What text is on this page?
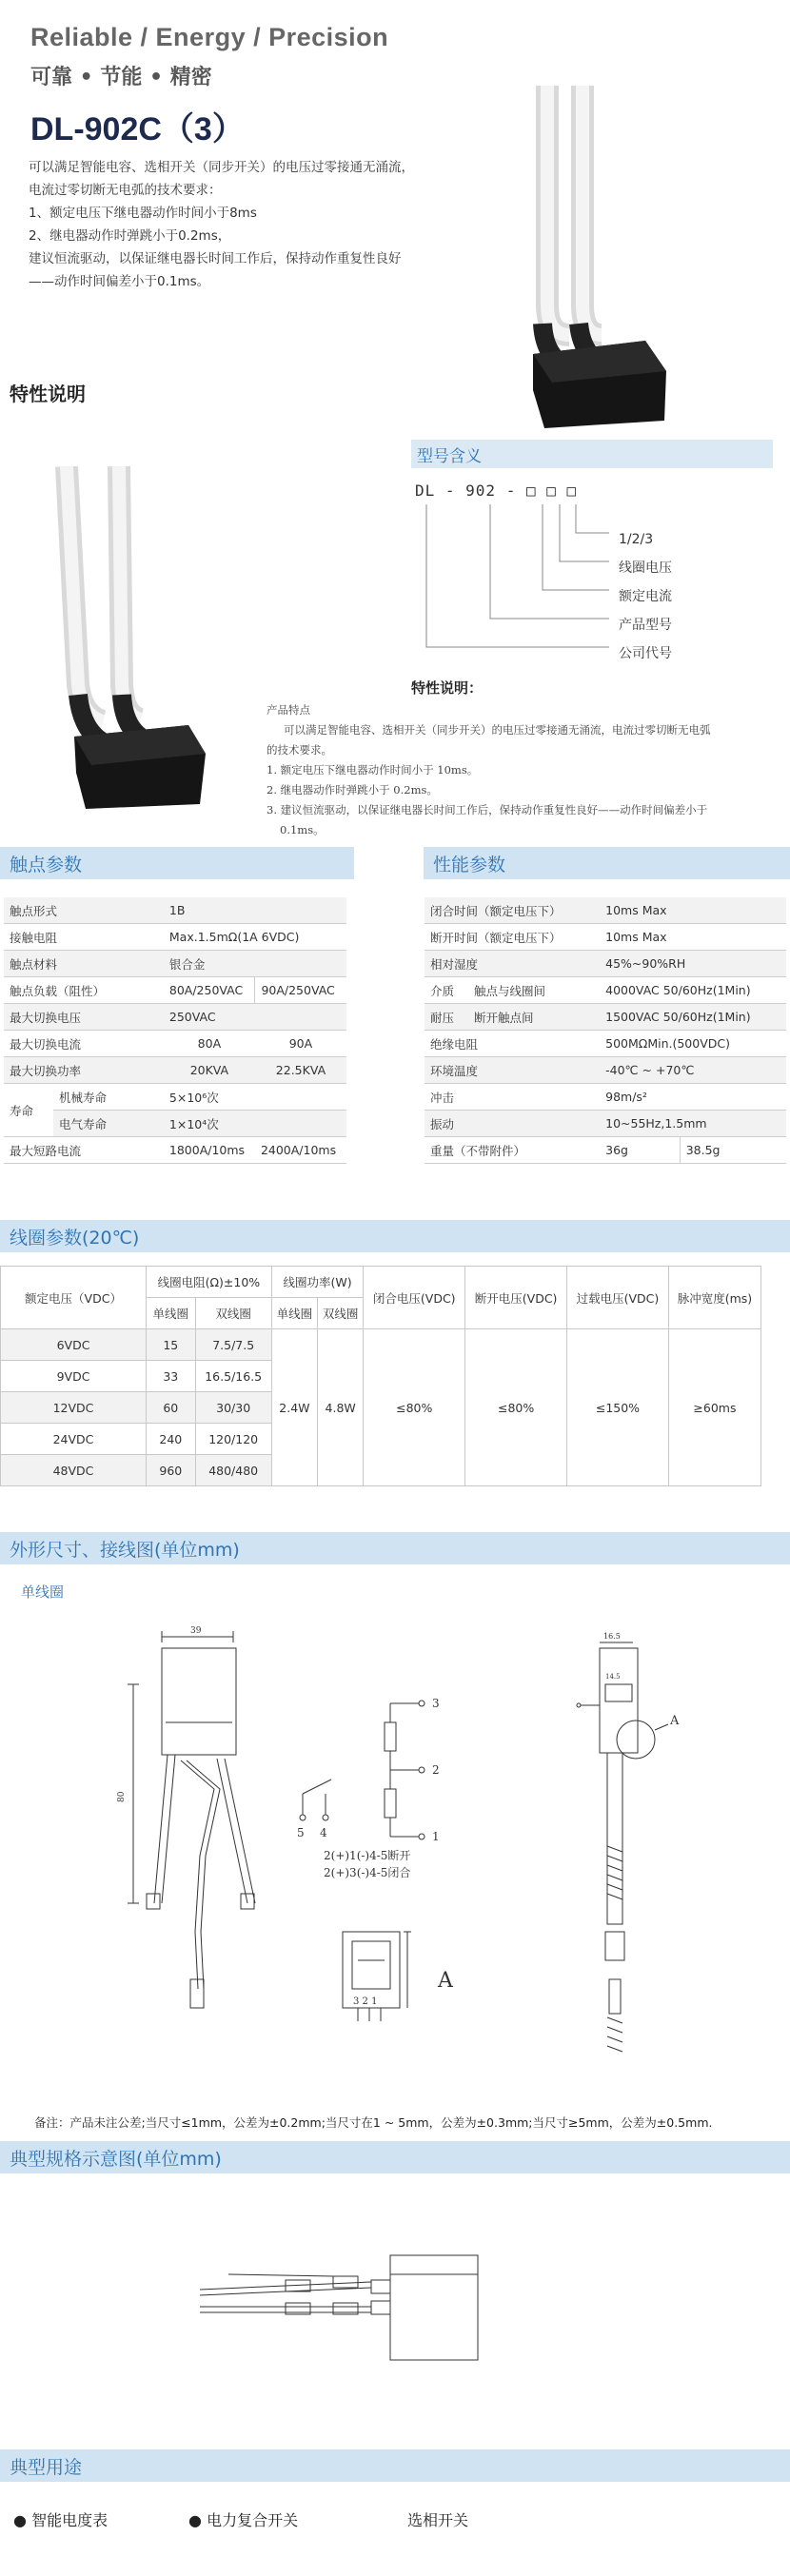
Reliable / Energy / Precision
可靠 • 节能 • 精密
DL-902C（3）
可以满足智能电容、选相开关（同步开关）的电压过零接通无涌流，
电流过零切断无电弧的技术要求：
1、额定电压下继电器动作时间小于8ms
2、继电器动作时弹跳小于0.2ms，
建议恒流驱动，以保证继电器长时间工作后，保持动作重复性良好
——动作时间偏差小于0.1ms。
特性说明
型号含义
DL - 902 - □ □ □
1/2/3
线圈电压
额定电流
产品型号
公司代号
特性说明：
产品特点
可以满足智能电容、选相开关（同步开关）的电压过零接通无涌流，电流过零切断无电弧
的技术要求。
1. 额定电压下继电器动作时间小于 10ms。
2. 继电器动作时弹跳小于 0.2ms。
3. 建议恒流驱动，以保证继电器长时间工作后，保持动作重复性良好——动作时间偏差小于
0.1ms。
触点参数	性能参数
触点形式		1B	
接触电阻		Max.1.5mΩ(1A 6VDC)	
触点材料		银合金	
触点负载（阻性）		80A/250VAC	90A/250VAC
最大切换电压		250VAC	
最大切换电流		80A	90A
最大切换功率		20KVA	22.5KVA
寿命	机械寿命	5×10⁶次	
	电气寿命	1×10⁴次	
最大短路电流		1800A/10ms	2400A/10ms
闭合时间（额定电压下）		10ms Max	
断开时间（额定电压下）		10ms Max	
相对湿度		45%~90%RH	
介质	触点与线圈间	4000VAC 50/60Hz(1Min)	
耐压	断开触点间	1500VAC 50/60Hz(1Min)	
绝缘电阻		500MΩMin.(500VDC)	
环境温度		-40℃ ~ +70℃	
冲击		98m/s²	
振动		10~55Hz,1.5mm	
重量（不带附件）		36g	38.5g
线圈参数(20℃)
额定电压（VDC）	线圈电阻(Ω)±10%		线圈功率(W)		闭合电压(VDC)	断开电压(VDC)	过载电压(VDC)	脉冲宽度(ms)
	单线圈	双线圈	单线圈	双线圈				
6VDC	15	7.5/7.5	2.4W	4.8W	≤80%	≤80%	≤150%	≥60ms
9VDC	33	16.5/16.5						
12VDC	60	30/30						
24VDC	240	120/120						
48VDC	960	480/480						
外形尺寸、接线图(单位mm)
单线圈
39
80
3
2
1
5 4
2(+)1(-)4-5断开
2(+)3(-)4-5闭合
3 2 1
A
16.5
14.5
A
备注：产品未注公差;当尺寸≤1mm，公差为±0.2mm;当尺寸在1 ~ 5mm，公差为±0.3mm;当尺寸≥5mm，公差为±0.5mm.
典型规格示意图(单位mm)
典型用途
● 智能电度表	● 电力复合开关	选相开关
